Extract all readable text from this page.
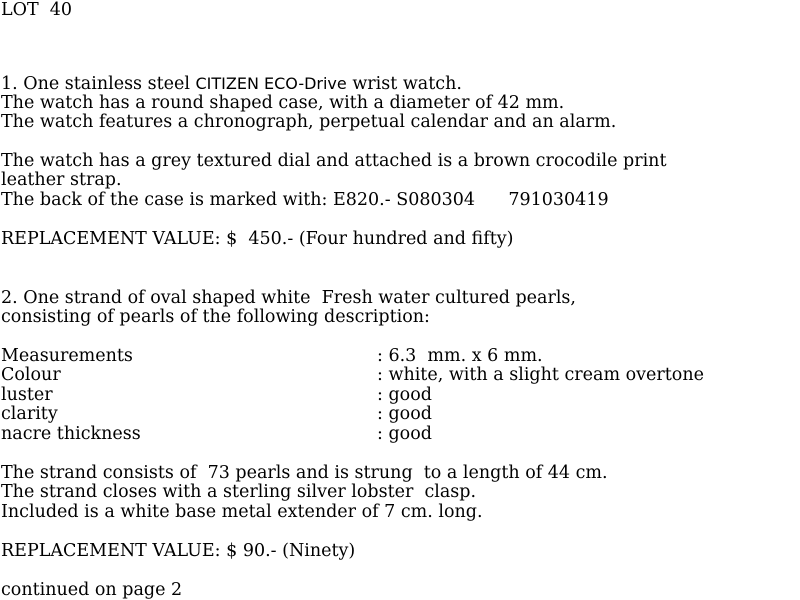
LOT  40
1. One stainless steel CITIZEN ECO-Drive wrist watch.
The watch has a round shaped case, with a diameter of 42 mm.
The watch features a chronograph, perpetual calendar and an alarm.
The watch has a grey textured dial and attached is a brown crocodile print
leather strap.
The back of the case is marked with: E820.- S080304      791030419
REPLACEMENT VALUE: $  450.- (Four hundred and fifty)
2. One strand of oval shaped white  Fresh water cultured pearls,
consisting of pearls of the following description:
Measurements	: 6.3  mm. x 6 mm.
Colour	: white, with a slight cream overtone
luster	: good
clarity	: good
nacre thickness	: good
The strand consists of  73 pearls and is strung  to a length of 44 cm.
The strand closes with a sterling silver lobster  clasp.
Included is a white base metal extender of 7 cm. long.
REPLACEMENT VALUE: $ 90.- (Ninety)
continued on page 2
